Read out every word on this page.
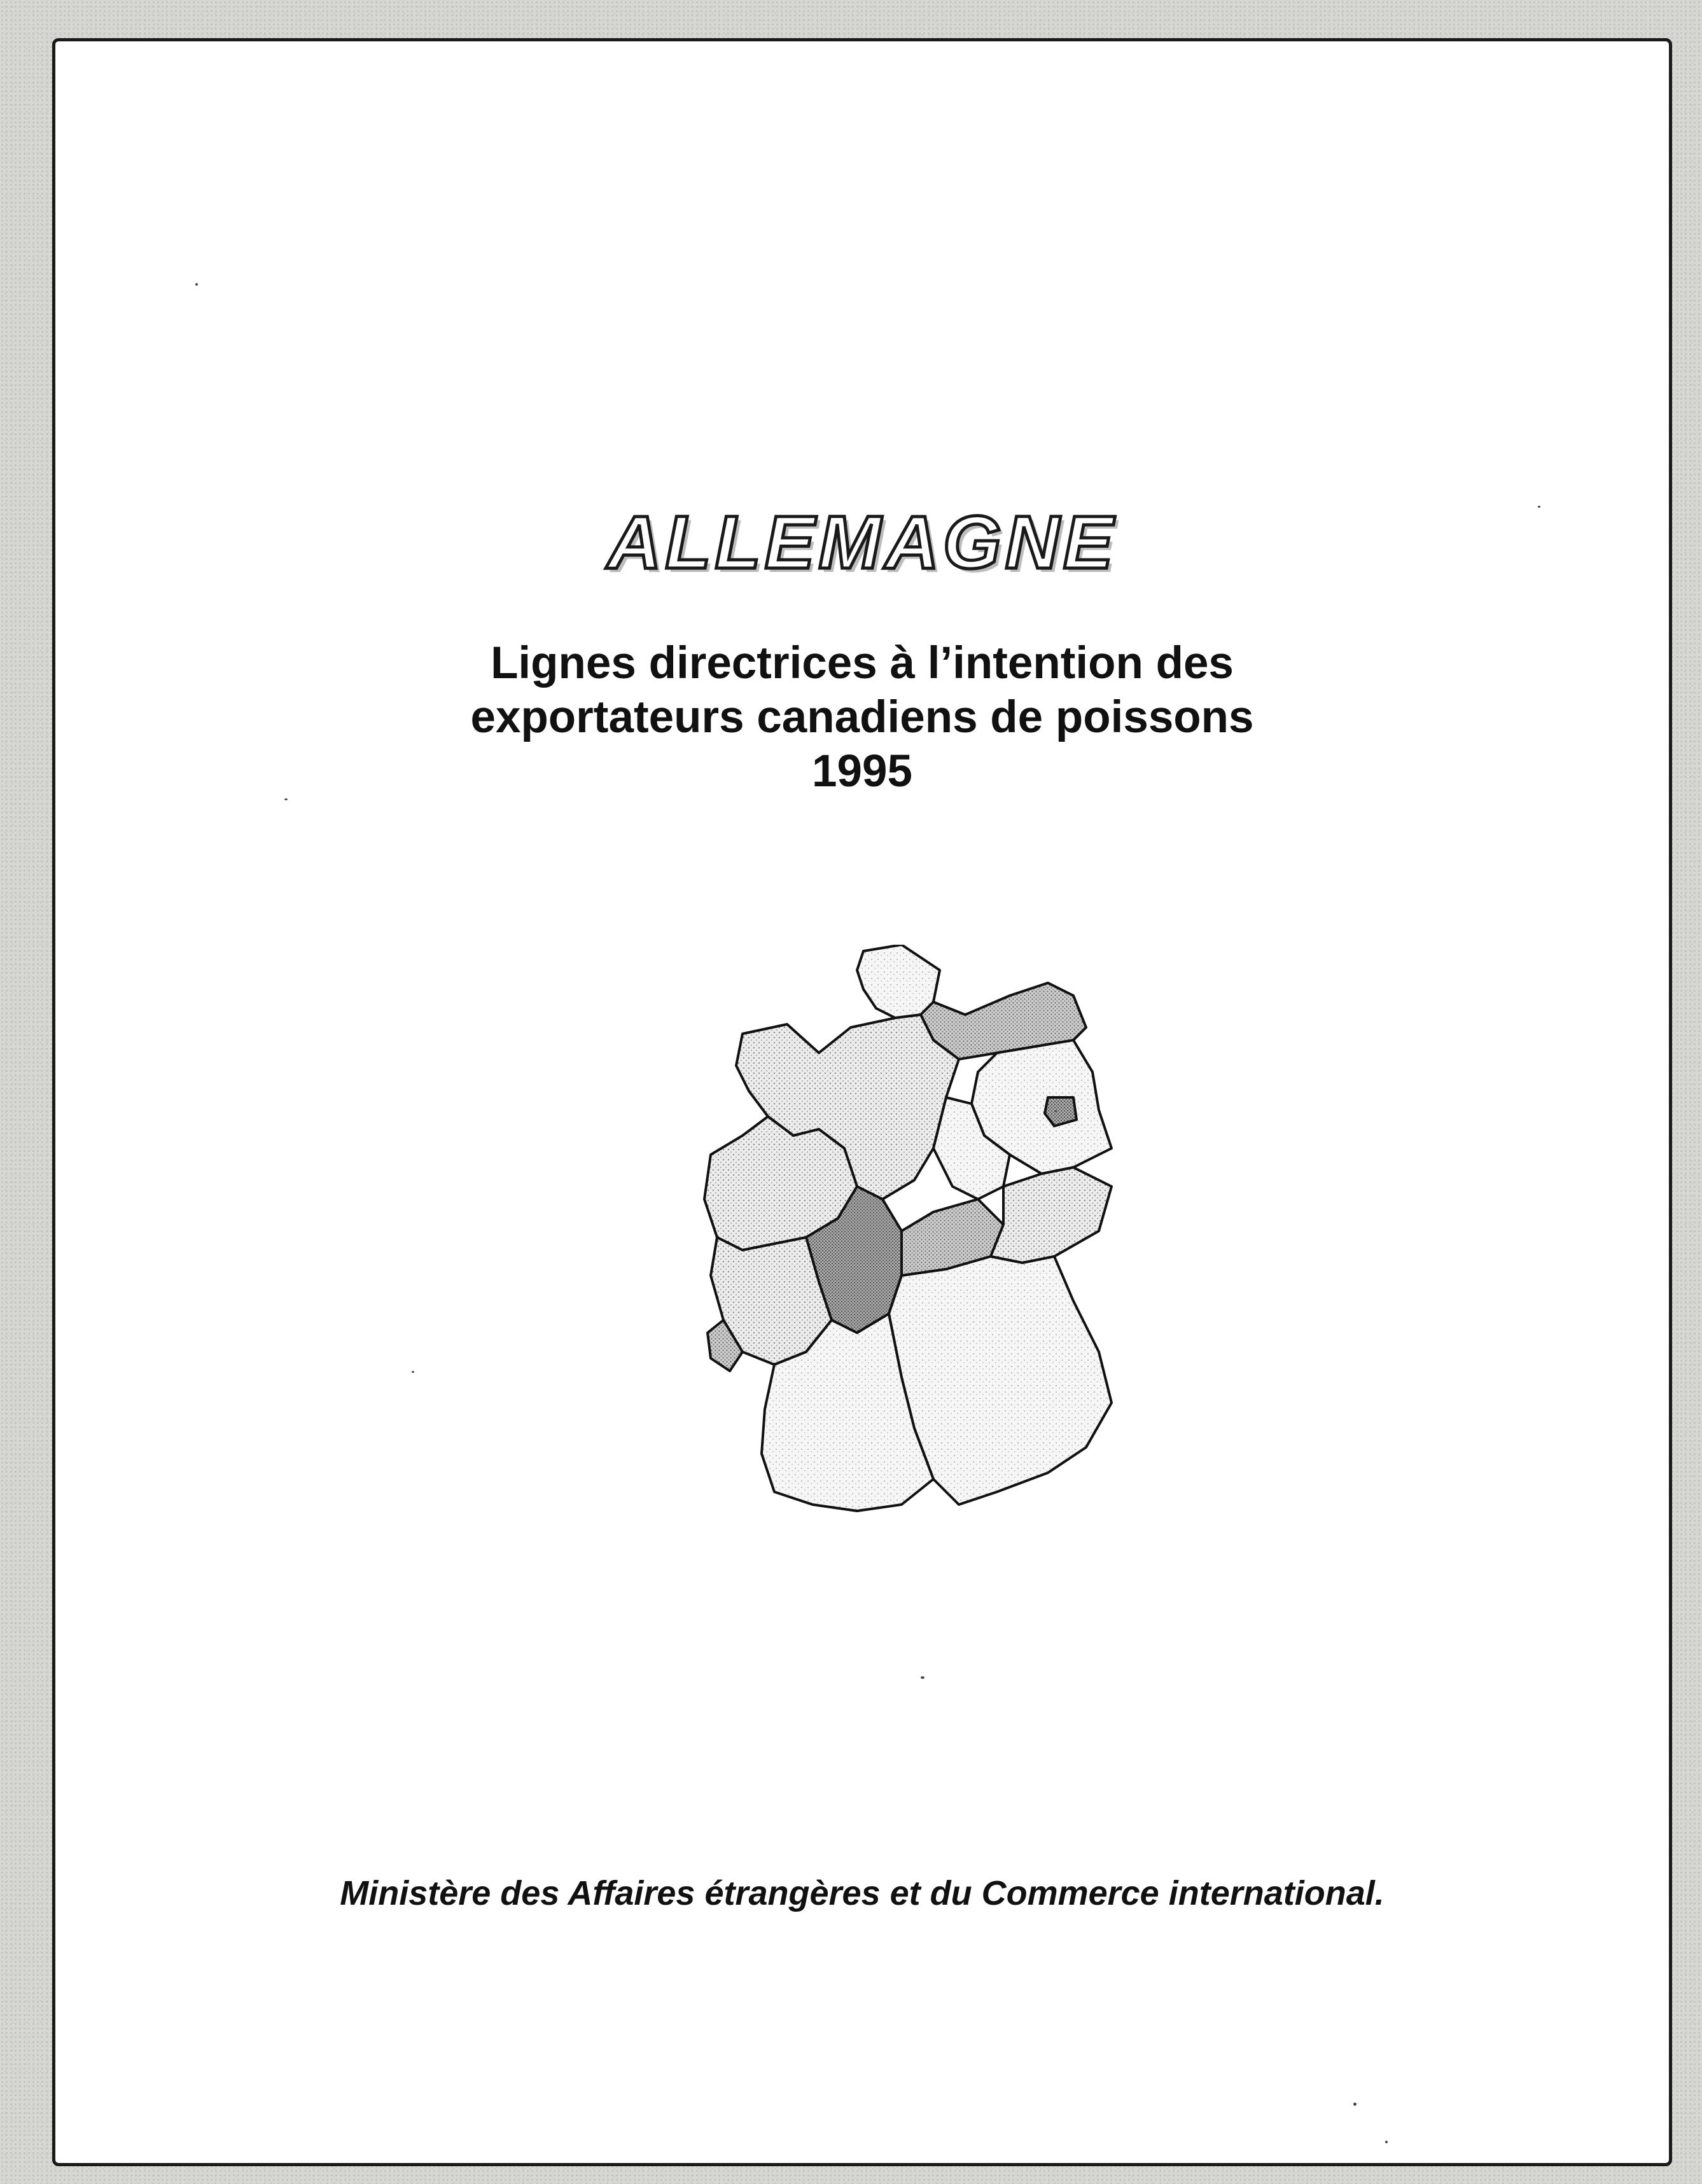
ALLEMAGNE
Lignes directrices à l’intention des
exportateurs canadiens de poissons
1995
Ministère des Affaires étrangères et du Commerce international.
